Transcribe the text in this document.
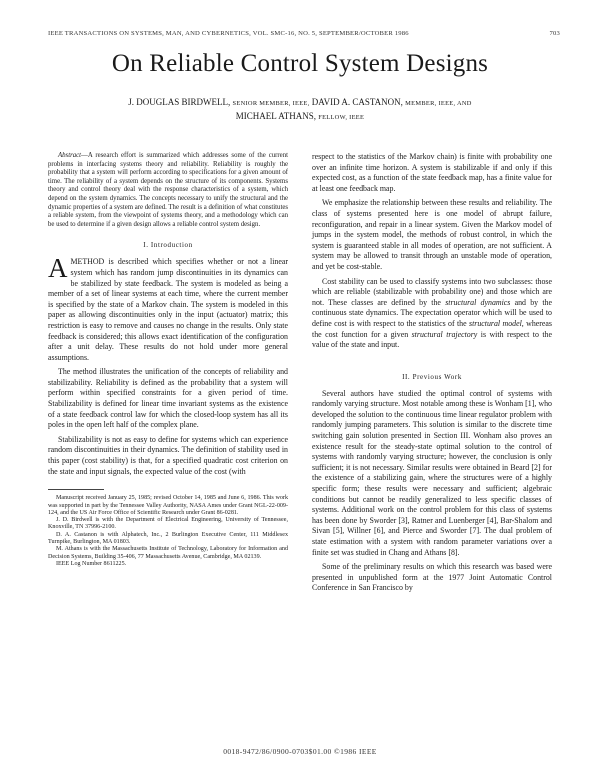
IEEE TRANSACTIONS ON SYSTEMS, MAN, AND CYBERNETICS, VOL. SMC-16, NO. 5, SEPTEMBER/OCTOBER 1986	703
On Reliable Control System Designs
J. DOUGLAS BIRDWELL, SENIOR MEMBER, IEEE, DAVID A. CASTANON, MEMBER, IEEE, AND
MICHAEL ATHANS, FELLOW, IEEE

Abstract—A research effort is summarized which addresses some of the current problems in interfacing systems theory and reliability. Reliability is roughly the probability that a system will perform according to specifications for a given amount of time. The reliability of a system depends on the structure of its components. Systems theory and control theory deal with the response characteristics of a system, which depend on the system dynamics. The concepts necessary to unify the structural and the dynamic properties of a system are defined. The result is a definition of what constitutes a reliable system, from the viewpoint of systems theory, and a methodology which can be used to determine if a given design allows a reliable control system design.

I. Introduction

AMETHOD is described which specifies whether or not a linear system which has random jump discontinuities in its dynamics can be stabilized by state feedback. The system is modeled as being a member of a set of linear systems at each time, where the current member is specified by the state of a Markov chain. The system is modeled in this paper as allowing discontinuities only in the input (actuator) matrix; this restriction is easy to remove and causes no change in the results. Only state feedback is considered; this allows exact identification of the configuration after a unit delay. These results do not hold under more general assumptions.

The method illustrates the unification of the concepts of reliability and stabilizability. Reliability is defined as the probability that a system will perform within specified constraints for a given period of time. Stabilizability is defined for linear time invariant systems as the existence of a state feedback control law for which the closed-loop system has all its poles in the open left half of the complex plane.

Stabilizability is not as easy to define for systems which can experience random discontinuities in their dynamics. The definition of stability used in this paper (cost stability) is that, for a specified quadratic cost criterion on the state and input signals, the expected value of the cost (with

Manuscript received January 25, 1985; revised October 14, 1985 and June 6, 1986. This work was supported in part by the Tennessee Valley Authority, NASA Ames under Grant NGL-22-009-124, and the US Air Force Office of Scientific Research under Grant 86-0281.

J. D. Birdwell is with the Department of Electrical Engineering, University of Tennessee, Knoxville, TN 37996-2100.

D. A. Castanon is with Alphatech, Inc., 2 Burlington Executive Center, 111 Middlesex Turnpike, Burlington, MA 01803.

M. Athans is with the Massachusetts Institute of Technology, Laboratory for Information and Decision Systems, Building 35-406, 77 Massachusetts Avenue, Cambridge, MA 02139.

IEEE Log Number 8611225.

respect to the statistics of the Markov chain) is finite with probability one over an infinite time horizon. A system is stabilizable if and only if this expected cost, as a function of the state feedback map, has a finite value for at least one feedback map.

We emphasize the relationship between these results and reliability. The class of systems presented here is one model of abrupt failure, reconfiguration, and repair in a linear system. Given the Markov model of jumps in the system model, the methods of robust control, in which the system is guaranteed stable in all modes of operation, are not sufficient. A system may be allowed to transit through an unstable mode of operation, and yet be cost-stable.

Cost stability can be used to classify systems into two subclasses: those which are reliable (stabilizable with probability one) and those which are not. These classes are defined by the structural dynamics and by the continuous state dynamics. The expectation operator which will be used to define cost is with respect to the statistics of the structural model, whereas the cost function for a given structural trajectory is with respect to the value of the state and input.

II. Previous Work

Several authors have studied the optimal control of systems with randomly varying structure. Most notable among these is Wonham [1], who developed the solution to the continuous time linear regulator problem with randomly jumping parameters. This solution is similar to the discrete time switching gain solution presented in Section III. Wonham also proves an existence result for the steady-state optimal solution to the control of systems with randomly varying structure; however, the conclusion is only sufficient; it is not necessary. Similar results were obtained in Beard [2] for the existence of a stabilizing gain, where the structures were of a highly specific form; these results were necessary and sufficient; algebraic conditions but cannot be readily generalized to less specific classes of systems. Additional work on the control problem for this class of systems has been done by Sworder [3], Ratner and Luenberger [4], Bar-Shalom and Sivan [5], Willner [6], and Pierce and Sworder [7]. The dual problem of state estimation with a system with random parameter variations over a finite set was studied in Chang and Athans [8].

Some of the preliminary results on which this research was based were presented in unpublished form at the 1977 Joint Automatic Control Conference in San Francisco by

0018-9472/86/0900-0703$01.00 ©1986 IEEE
